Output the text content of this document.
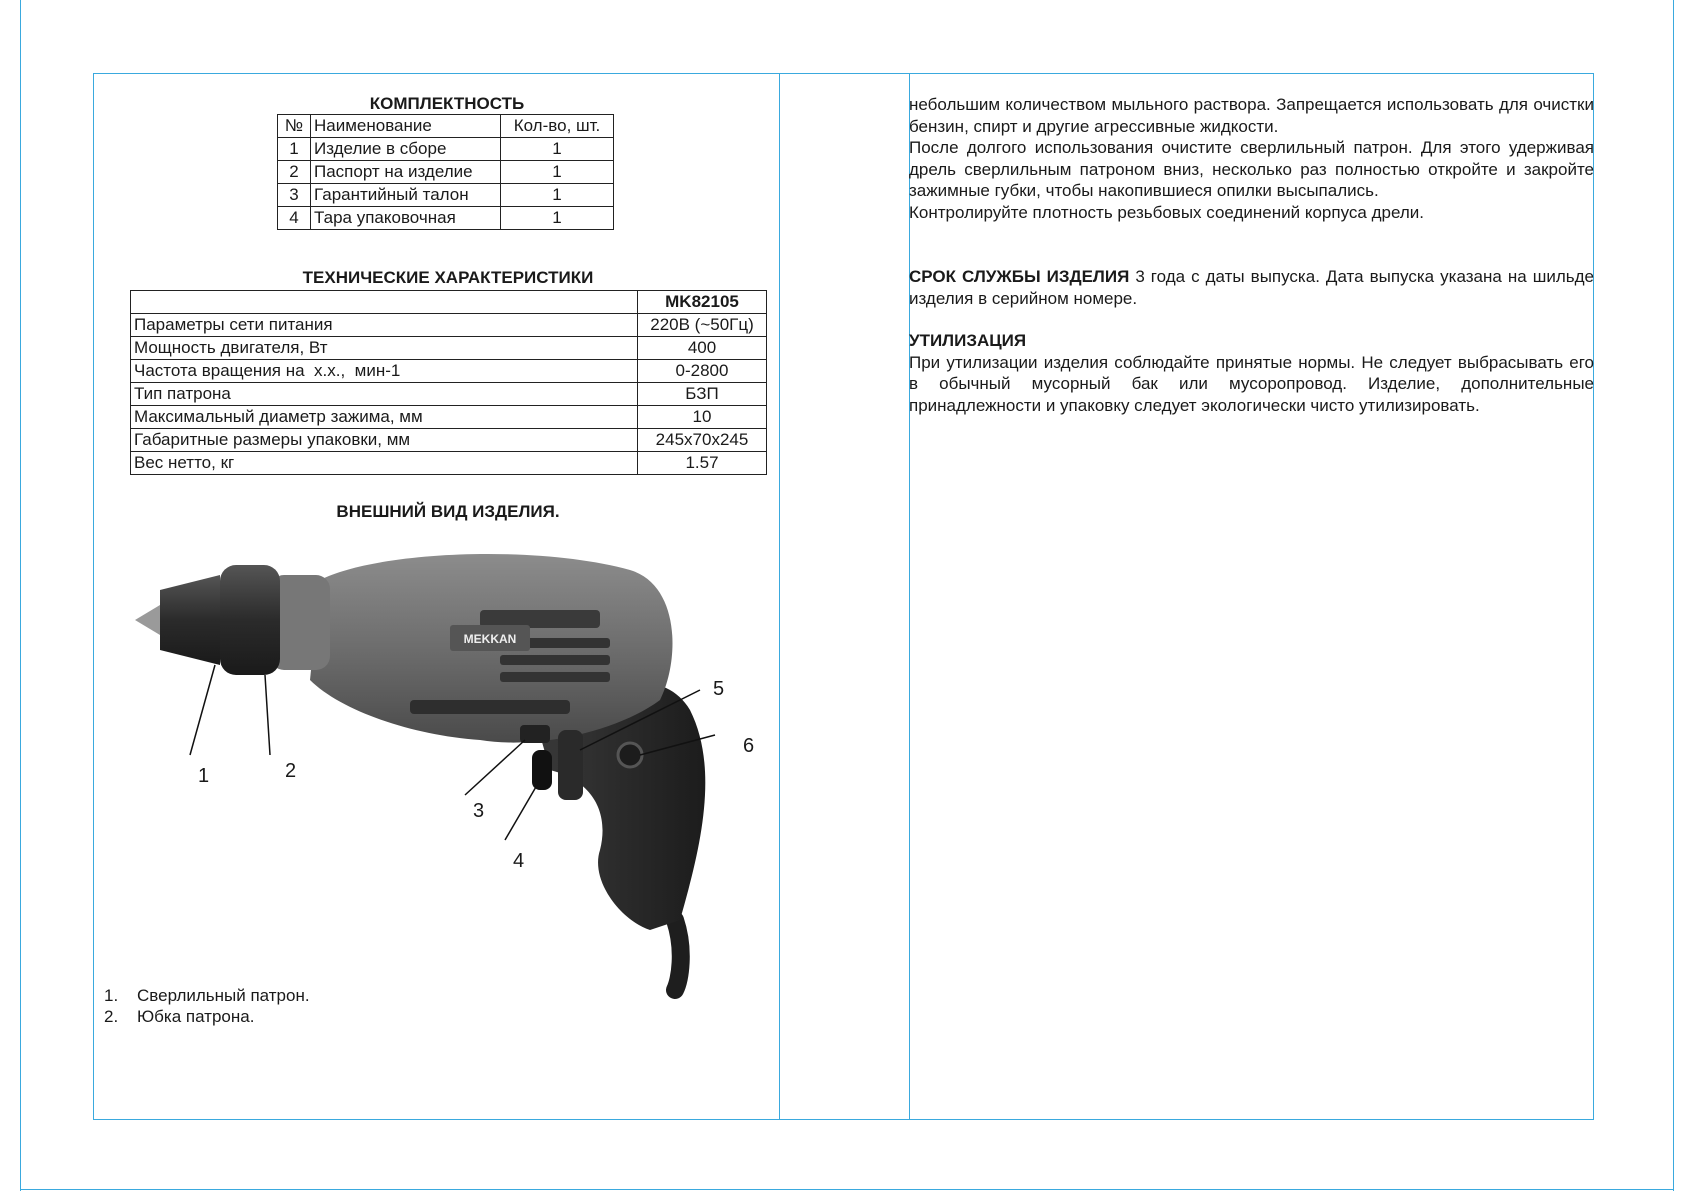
КОМПЛЕКТНОСТЬ
№	Наименование	Кол-во, шт.
1	Изделие в сборе	1
2	Паспорт на изделие	1
3	Гарантийный талон	1
4	Тара упаковочная	1
ТЕХНИЧЕСКИЕ ХАРАКТЕРИСТИКИ
	MK82105
Параметры сети питания	220В (~50Гц)
Мощность двигателя, Вт	400
Частота вращения на  х.х.,  мин-1	0-2800
Тип патрона	БЗП
Максимальный диаметр зажима, мм	10
Габаритные размеры упаковки, мм	245х70х245
Вес нетто, кг	1.57
ВНЕШНИЙ ВИД ИЗДЕЛИЯ.
MEKKAN
1	2
3
4
5
6
1. Сверлильный патрон.
2. Юбка патрона.

небольшим количеством мыльного раствора. Запрещается использовать для очистки бензин, спирт и другие агрессивные жидкости.

После долгого использования очистите сверлильный патрон. Для этого удерживая дрель сверлильным патроном вниз, несколько раз полностью откройте и закройте зажимные губки, чтобы накопившиеся опилки высыпались.

Контролируйте плотность резьбовых соединений корпуса дрели.

СРОК СЛУЖБЫ ИЗДЕЛИЯ 3 года с даты выпуска. Дата выпуска указана на шильде изделия в серийном номере.

УТИЛИЗАЦИЯ

При утилизации изделия соблюдайте принятые нормы. Не следует выбрасывать его в обычный мусорный бак или мусоропровод. Изделие, дополнительные принадлежности и упаковку следует экологически чисто утилизировать.
